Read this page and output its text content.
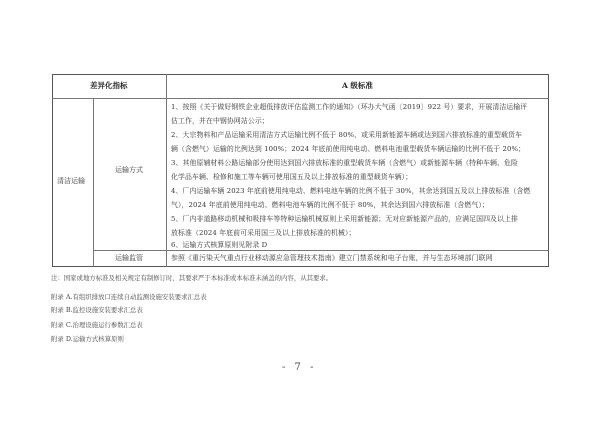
差异化指标	A 级标准
清洁运输
运输方式
运输监管
1、按照《关于做好钢铁企业超低排放评估监测工作的通知》（环办大气函〔2019〕922 号）要求，开展清洁运输评
估工作，并在中钢协网站公示；
2、大宗物料和产品运输采用清洁方式运输比例不低于 80%，或采用新能源车辆或达到国六排放标准的重型载货车
辆（含燃气）运输的比例达到 100%；2024 年底前使用纯电动、燃料电池重型载货车辆运输的比例不低于 20%；
3、其他原辅材料公路运输部分使用达到国六排放标准的重型载货车辆（含燃气）或新能源车辆（特种车辆、危险
化学品车辆、检修和施工等车辆可使用国五及以上排放标准的重型载货车辆）；
4、厂内运输车辆 2023 年底前使用纯电动、燃料电池车辆的比例不低于 30%，其余达到国五及以上排放标准（含燃
气），2024 年底前使用纯电动、燃料电池车辆的比例不低于 80%，其余达到国六排放标准（含燃气）；
5、厂内非道路移动机械和吸排车等特种运输机械原则上采用新能源；无对应新能源产品的，应满足国四及以上排
放标准（2024 年底前可采用国三及以上排放标准的机械）；
6、运输方式核算原则见附录 D
参照《重污染天气重点行业移动源应急管理技术指南》建立门禁系统和电子台账，并与生态环境部门联网
注：国家或地方标准及相关规定有制修订时，其要求严于本标准或本标准未涵盖的内容，从其要求。
附录 A.有组织排放口连续自动监测设施安装要求汇总表
附录 B.监控设施安装要求汇总表
附录 C.治理设施运行参数汇总表
附录 D.运输方式核算原则
- 7 -
